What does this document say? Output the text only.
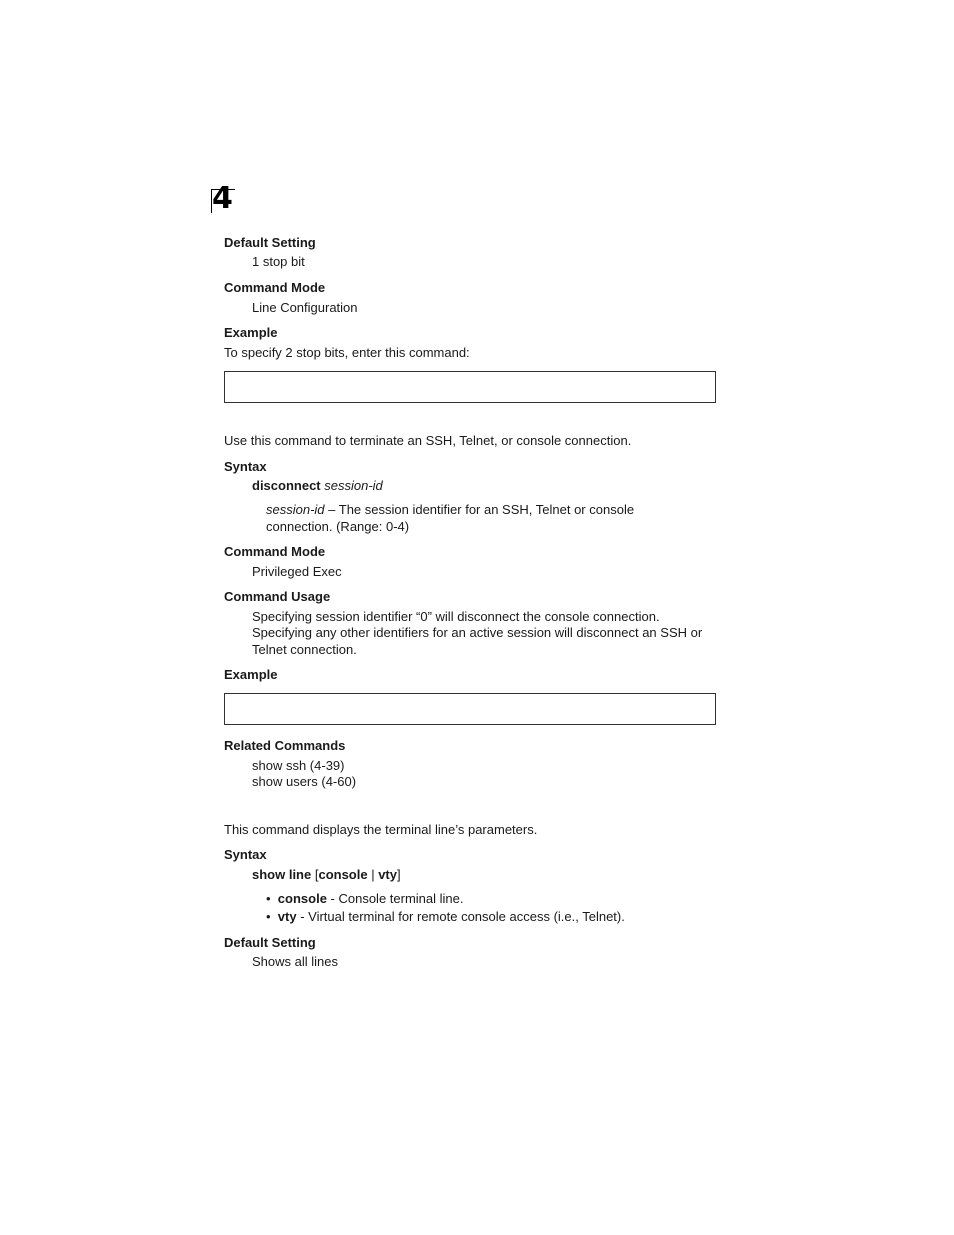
4
Default Setting
1 stop bit
Command Mode
Line Configuration
Example
To specify 2 stop bits, enter this command:
Use this command to terminate an SSH, Telnet, or console connection.
Syntax
disconnect session-id
session-id – The session identifier for an SSH, Telnet or console
connection. (Range: 0-4)
Command Mode
Privileged Exec
Command Usage
Specifying session identifier “0” will disconnect the console connection.
Specifying any other identifiers for an active session will disconnect an SSH or
Telnet connection.
Example
Related Commands
show ssh (4-39)
show users (4-60)
This command displays the terminal line’s parameters.
Syntax
show line [console | vty]
• console - Console terminal line.
• vty - Virtual terminal for remote console access (i.e., Telnet).
Default Setting
Shows all lines
